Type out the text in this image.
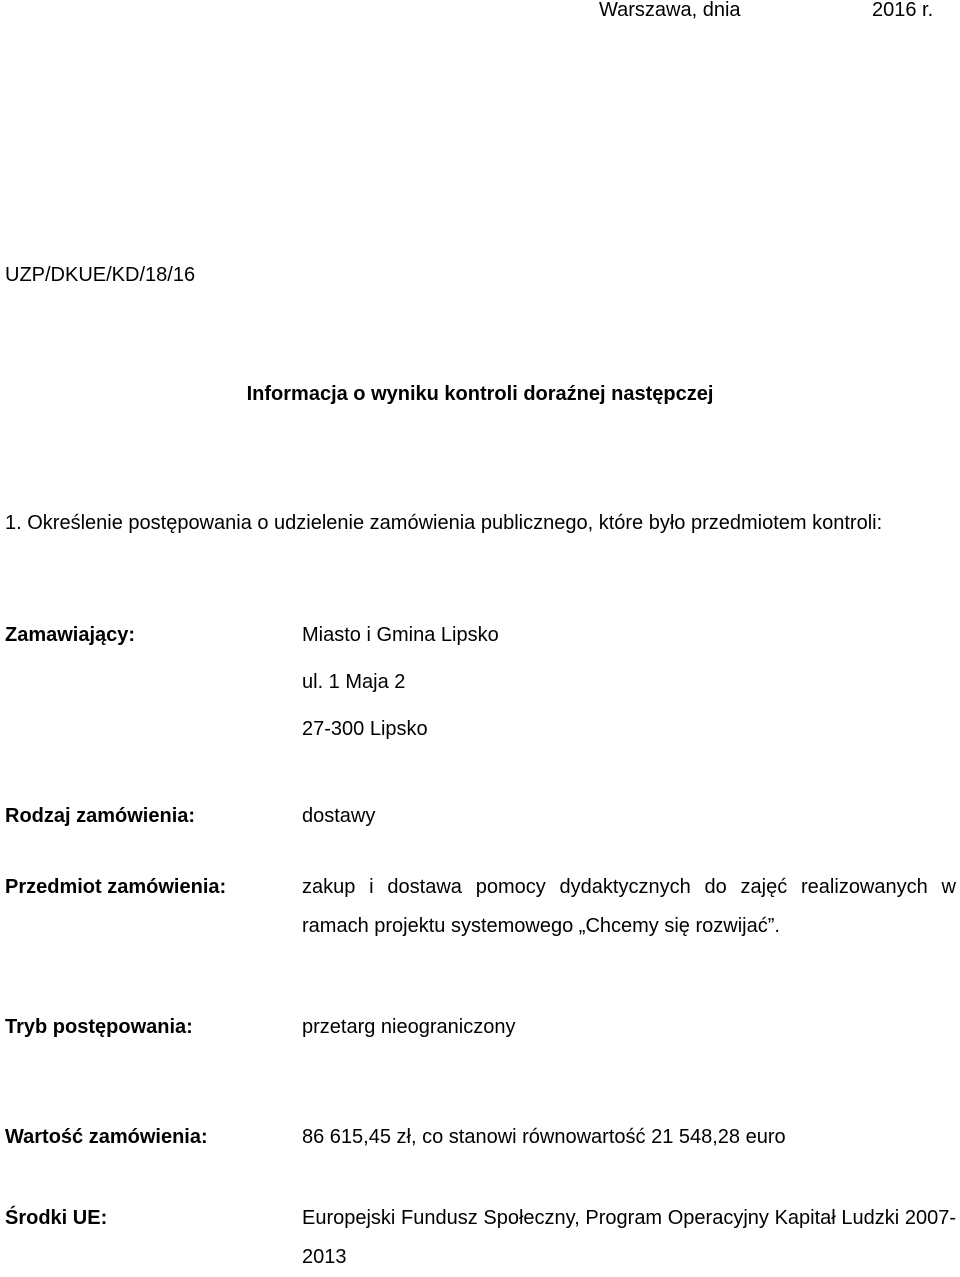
Warszawa, dnia	2016 r.
UZP/DKUE/KD/18/16
Informacja o wyniku kontroli doraźnej następczej
1. Określenie postępowania o udzielenie zamówienia publicznego, które było przedmiotem kontroli:
Zamawiający:	Miasto i Gmina Lipsko
ul. 1 Maja 2
27-300 Lipsko
Rodzaj zamówienia:	dostawy
Przedmiot zamówienia:	zakup i dostawa pomocy dydaktycznych do zajęć realizowanych w ramach projektu systemowego „Chcemy się rozwijać”.
Tryb postępowania:	przetarg nieograniczony
Wartość zamówienia:	86 615,45 zł, co stanowi równowartość 21 548,28 euro
Środki UE:	Europejski Fundusz Społeczny, Program Operacyjny Kapitał Ludzki 2007-2013
